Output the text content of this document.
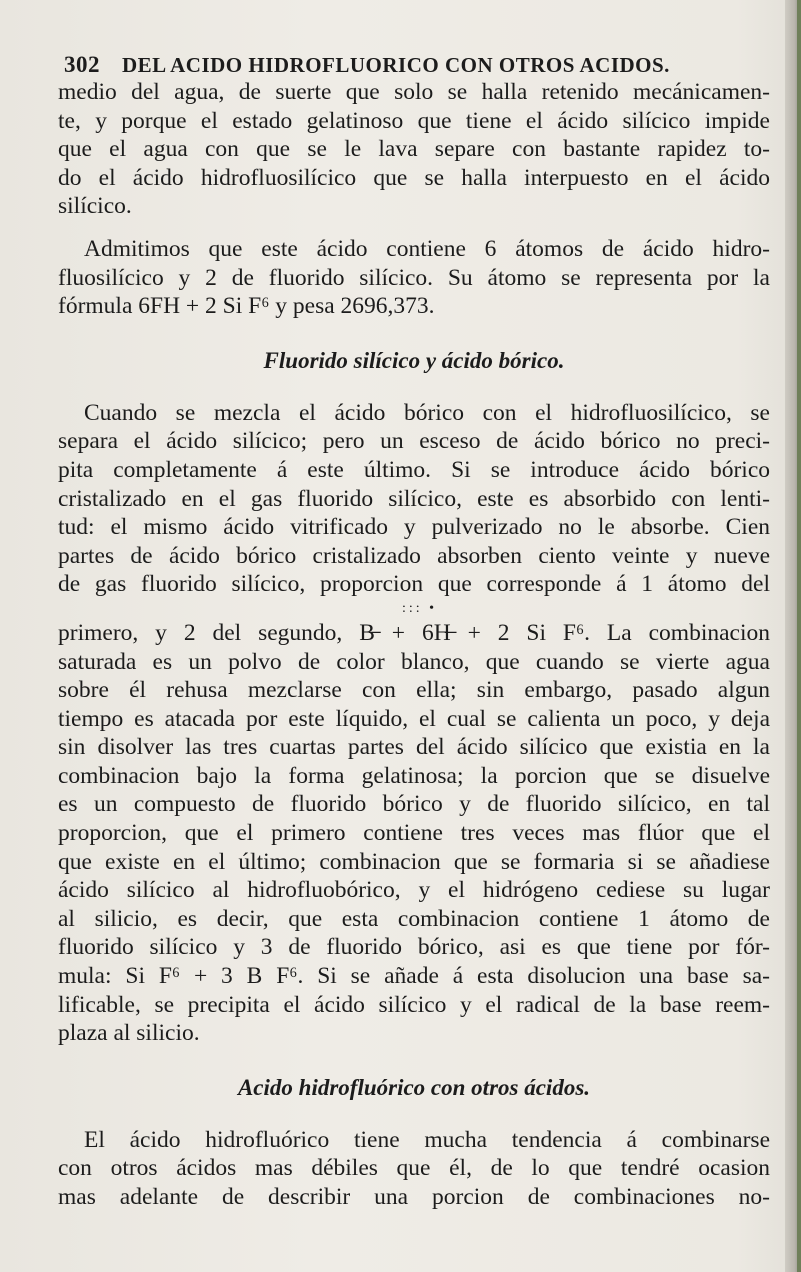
302	DEL ACIDO HIDROFLUORICO CON OTROS ACIDOS.
medio del agua, de suerte que solo se halla retenido mecánicamen-
te, y porque el estado gelatinoso que tiene el ácido silícico impide
que el agua con que se le lava separe con bastante rapidez to-
do el ácido hidrofluosilícico que se halla interpuesto en el ácido
silícico.
Admitimos que este ácido contiene 6 átomos de ácido hidro-
fluosilícico y 2 de fluorido silícico. Su átomo se representa por la
fórmula 6FH + 2 Si F⁶ y pesa 2696,373.
Fluorido silícico y ácido bórico.
Cuando se mezcla el ácido bórico con el hidrofluosilícico, se
separa el ácido silícico; pero un esceso de ácido bórico no preci-
pita completamente á este último. Si se introduce ácido bórico
cristalizado en el gas fluorido silícico, este es absorbido con lenti-
tud: el mismo ácido vitrificado y pulverizado no le absorbe. Cien
partes de ácido bórico cristalizado absorben ciento veinte y nueve
de gas fluorido silícico, proporcion que corresponde á 1 átomo del
::: •
primero, y 2 del segundo, B̶ + 6H̶ + 2 Si F⁶. La combinacion
saturada es un polvo de color blanco, que cuando se vierte agua
sobre él rehusa mezclarse con ella; sin embargo, pasado algun
tiempo es atacada por este líquido, el cual se calienta un poco, y deja
sin disolver las tres cuartas partes del ácido silícico que existia en la
combinacion bajo la forma gelatinosa; la porcion que se disuelve
es un compuesto de fluorido bórico y de fluorido silícico, en tal
proporcion, que el primero contiene tres veces mas flúor que el
que existe en el último; combinacion que se formaria si se añadiese
ácido silícico al hidrofluobórico, y el hidrógeno cediese su lugar
al silicio, es decir, que esta combinacion contiene 1 átomo de
fluorido silícico y 3 de fluorido bórico, asi es que tiene por fór-
mula: Si F⁶ + 3 B F⁶. Si se añade á esta disolucion una base sa-
lificable, se precipita el ácido silícico y el radical de la base reem-
plaza al silicio.
Acido hidrofluórico con otros ácidos.
El ácido hidrofluórico tiene mucha tendencia á combinarse
con otros ácidos mas débiles que él, de lo que tendré ocasion
mas adelante de describir una porcion de combinaciones no-
